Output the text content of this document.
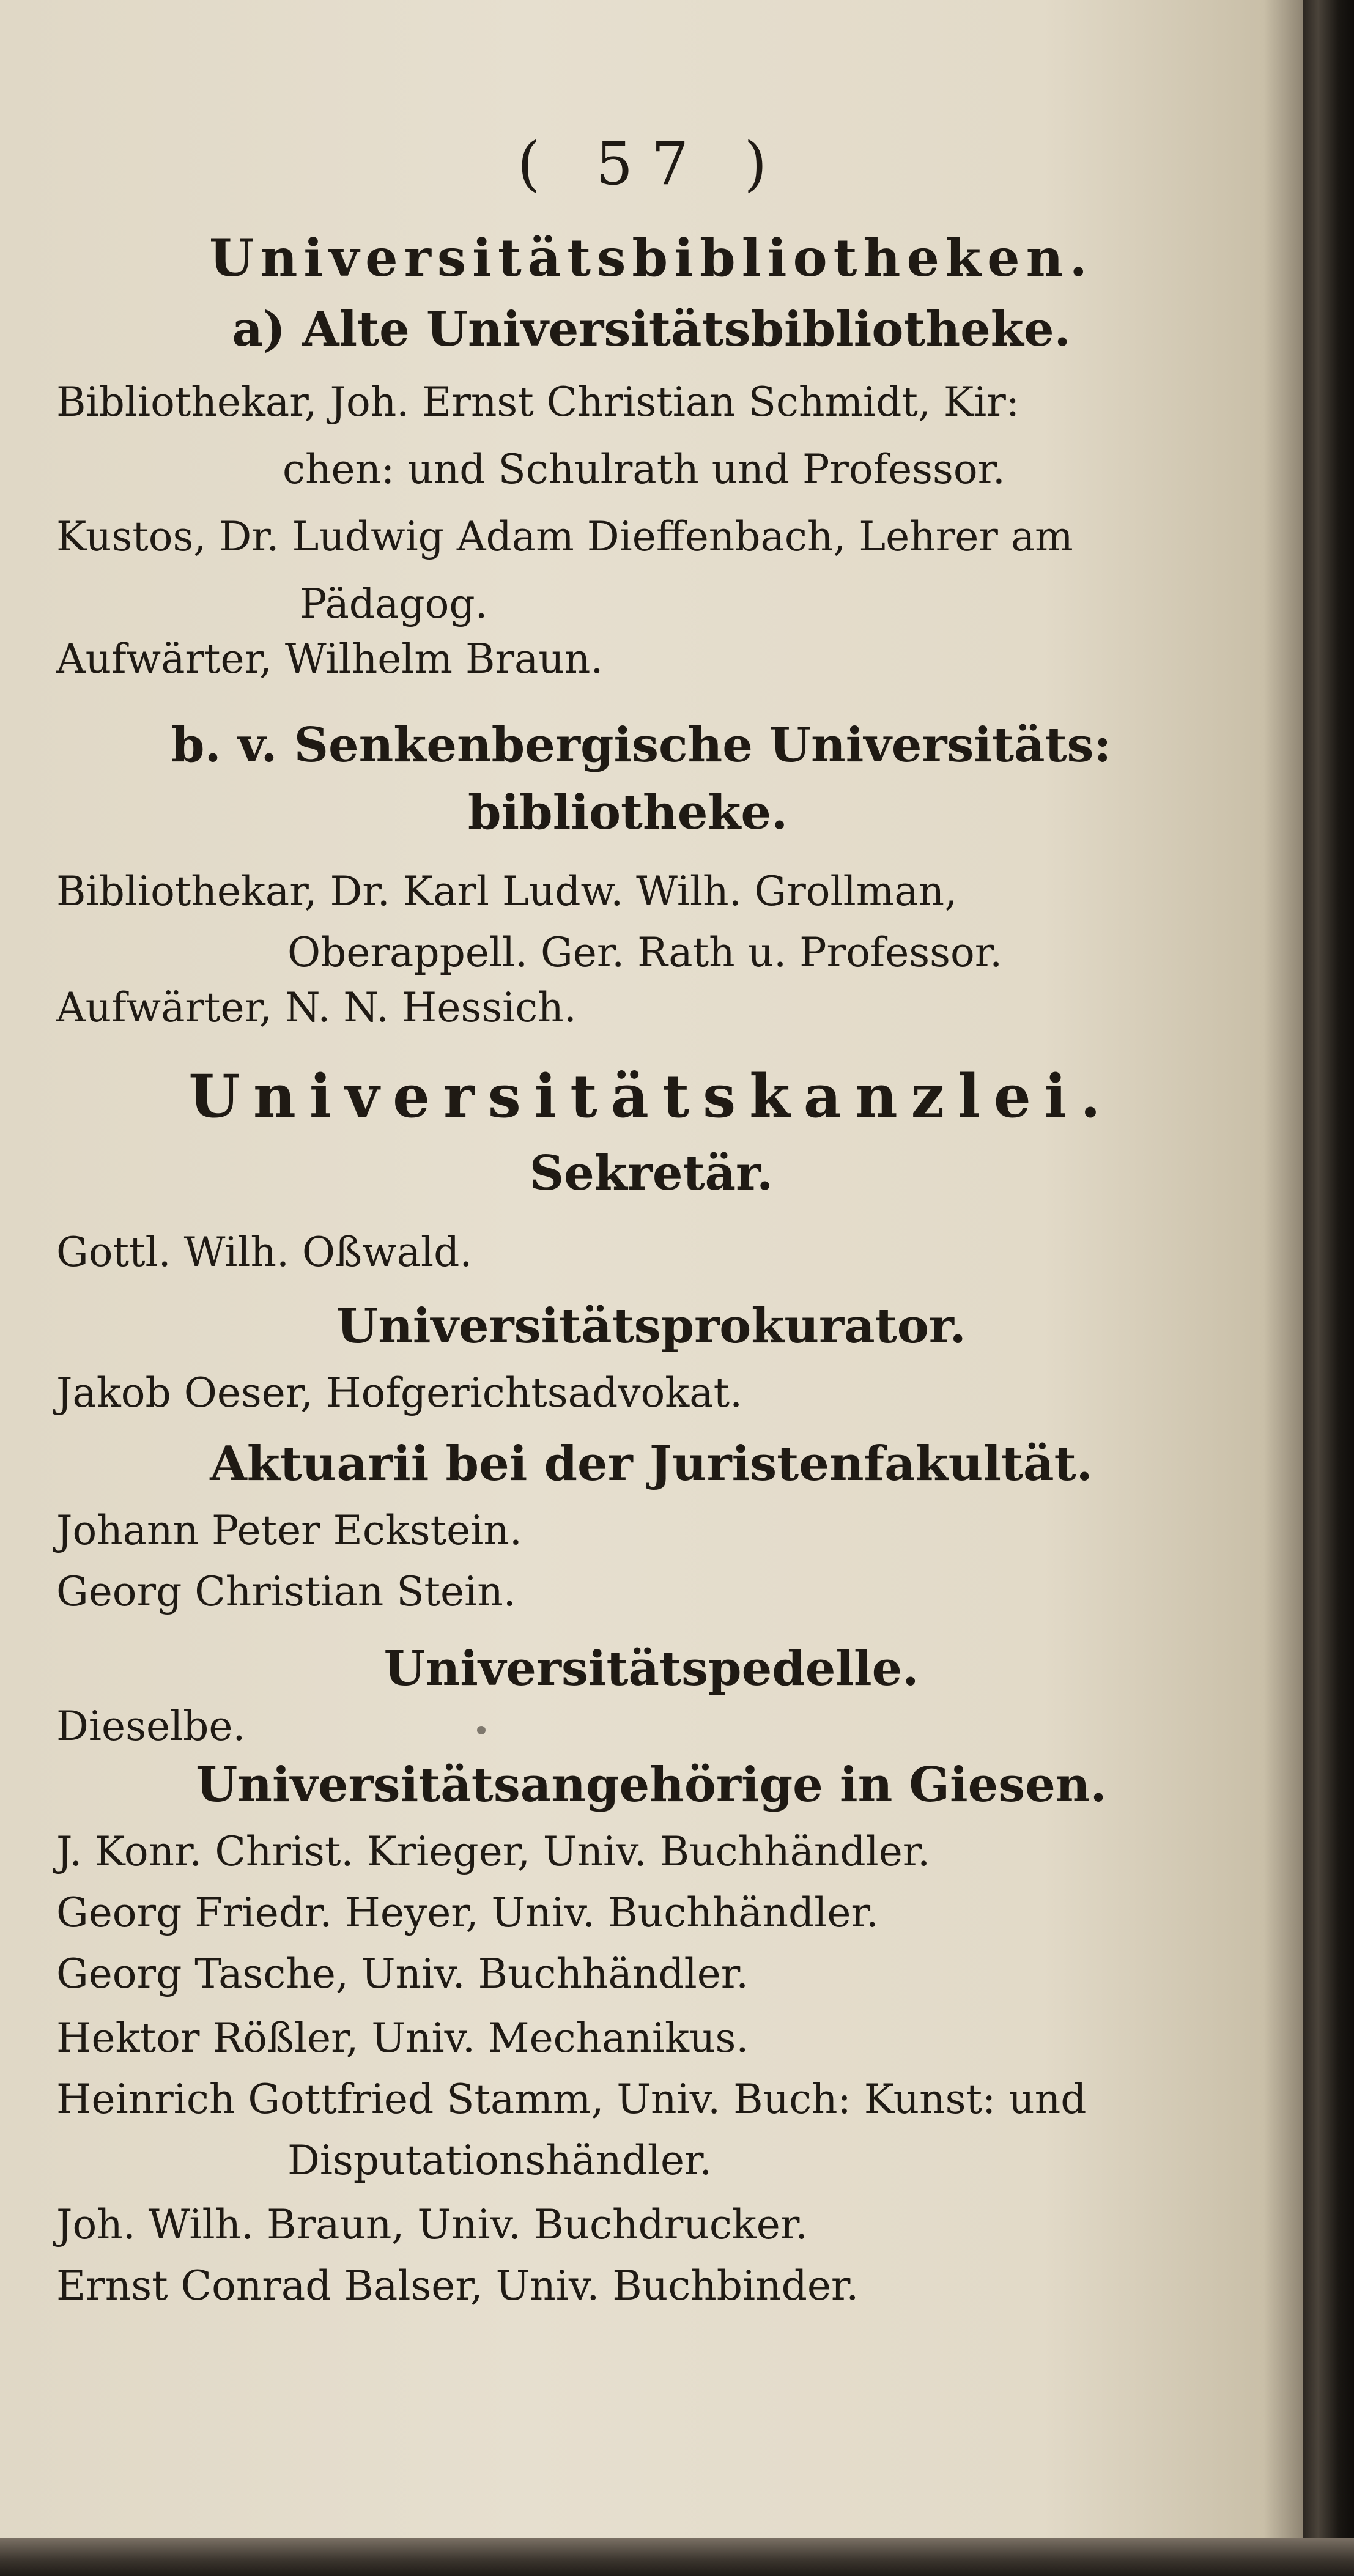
( 57 )
Universitätsbibliotheken.
a) Alte Universitätsbibliotheke.
Bibliothekar, Joh. Ernst Christian Schmidt, Kir:
chen: und Schulrath und Professor.
Kustos, Dr. Ludwig Adam Dieffenbach, Lehrer am
Pädagog.
Aufwärter, Wilhelm Braun.
b. v. Senkenbergische Universitäts:
bibliotheke.
Bibliothekar, Dr. Karl Ludw. Wilh. Grollman,
Oberappell. Ger. Rath u. Professor.
Aufwärter, N. N. Hessich.
Universitätskanzlei.
Sekretär.
Gottl. Wilh. Oßwald.
Universitätsprokurator.
Jakob Oeser, Hofgerichtsadvokat.
Aktuarii bei der Juristenfakultät.
Johann Peter Eckstein.
Georg Christian Stein.
Universitätspedelle.
Dieselbe.
Universitätsangehörige in Giesen.
J. Konr. Christ. Krieger, Univ. Buchhändler.
Georg Friedr. Heyer, Univ. Buchhändler.
Georg Tasche, Univ. Buchhändler.
Hektor Rößler, Univ. Mechanikus.
Heinrich Gottfried Stamm, Univ. Buch: Kunst: und
Disputationshändler.
Joh. Wilh. Braun, Univ. Buchdrucker.
Ernst Conrad Balser, Univ. Buchbinder.
